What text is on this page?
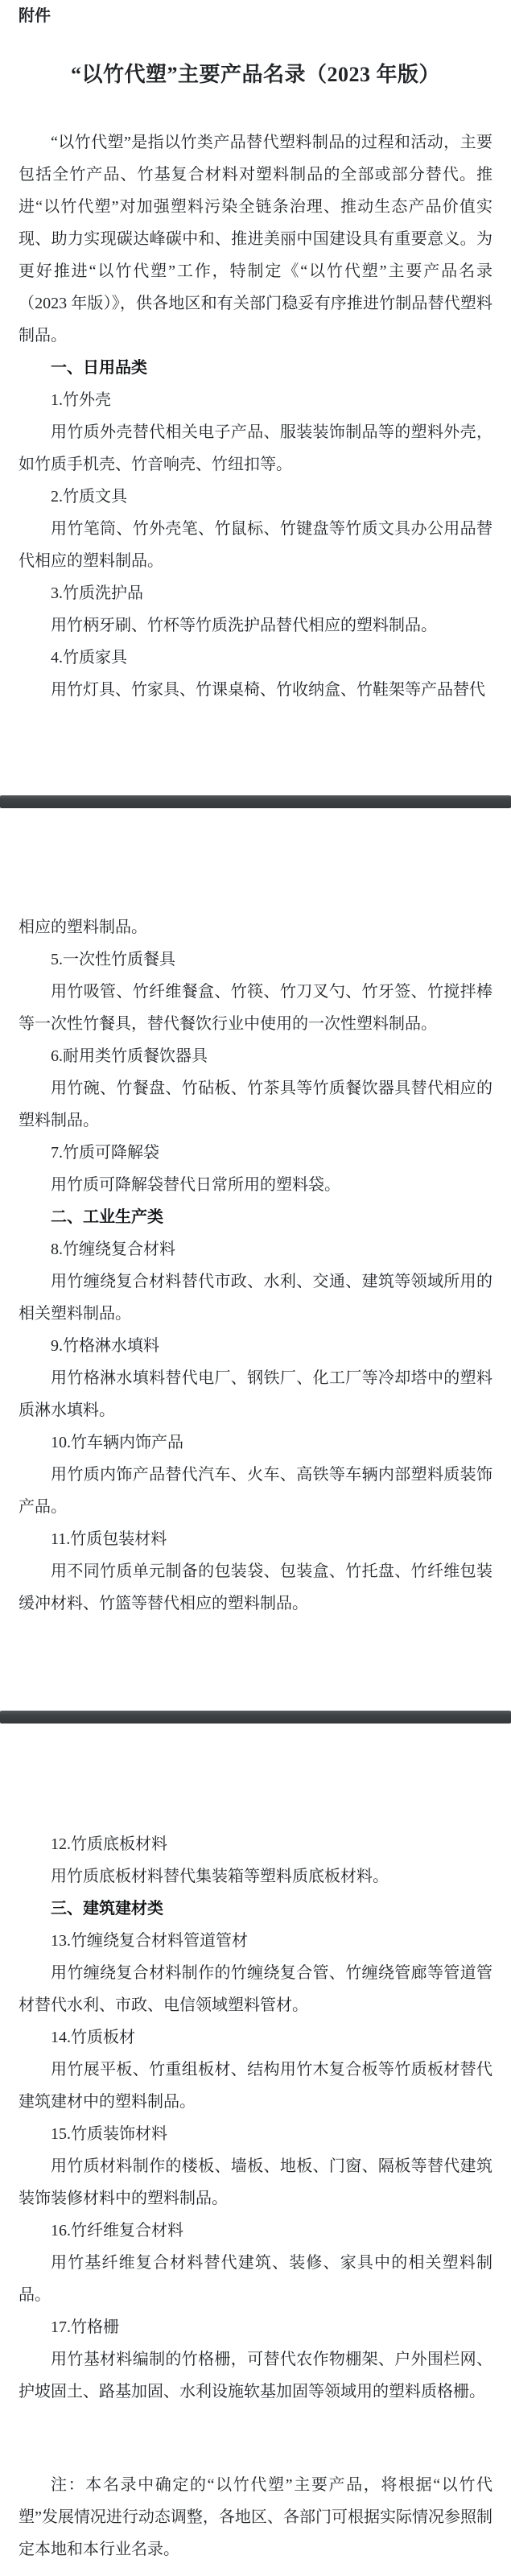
附件
“以竹代塑”主要产品名录（2023 年版）
“以竹代塑”是指以竹类产品替代塑料制品的过程和活动，主要包括全竹产品、竹基复合材料对塑料制品的全部或部分替代。推进“以竹代塑”对加强塑料污染全链条治理、推动生态产品价值实现、助力实现碳达峰碳中和、推进美丽中国建设具有重要意义。为更好推进“以竹代塑”工作，特制定《“以竹代塑”主要产品名录（2023 年版）》，供各地区和有关部门稳妥有序推进竹制品替代塑料制品。
一、日用品类
1.竹外壳
用竹质外壳替代相关电子产品、服装装饰制品等的塑料外壳，如竹质手机壳、竹音响壳、竹纽扣等。
2.竹质文具
用竹笔筒、竹外壳笔、竹鼠标、竹键盘等竹质文具办公用品替代相应的塑料制品。
3.竹质洗护品
用竹柄牙刷、竹杯等竹质洗护品替代相应的塑料制品。
4.竹质家具
用竹灯具、竹家具、竹课桌椅、竹收纳盒、竹鞋架等产品替代
相应的塑料制品。
5.一次性竹质餐具
用竹吸管、竹纤维餐盒、竹筷、竹刀叉勺、竹牙签、竹搅拌棒等一次性竹餐具，替代餐饮行业中使用的一次性塑料制品。
6.耐用类竹质餐饮器具
用竹碗、竹餐盘、竹砧板、竹茶具等竹质餐饮器具替代相应的塑料制品。
7.竹质可降解袋
用竹质可降解袋替代日常所用的塑料袋。
二、工业生产类
8.竹缠绕复合材料
用竹缠绕复合材料替代市政、水利、交通、建筑等领域所用的相关塑料制品。
9.竹格淋水填料
用竹格淋水填料替代电厂、钢铁厂、化工厂等冷却塔中的塑料质淋水填料。
10.竹车辆内饰产品
用竹质内饰产品替代汽车、火车、高铁等车辆内部塑料质装饰产品。
11.竹质包装材料
用不同竹质单元制备的包装袋、包装盒、竹托盘、竹纤维包装缓冲材料、竹篮等替代相应的塑料制品。
12.竹质底板材料
用竹质底板材料替代集装箱等塑料质底板材料。
三、建筑建材类
13.竹缠绕复合材料管道管材
用竹缠绕复合材料制作的竹缠绕复合管、竹缠绕管廊等管道管材替代水利、市政、电信领域塑料管材。
14.竹质板材
用竹展平板、竹重组板材、结构用竹木复合板等竹质板材替代建筑建材中的塑料制品。
15.竹质装饰材料
用竹质材料制作的楼板、墙板、地板、门窗、隔板等替代建筑装饰装修材料中的塑料制品。
16.竹纤维复合材料
用竹基纤维复合材料替代建筑、装修、家具中的相关塑料制品。
17.竹格栅
用竹基材料编制的竹格栅，可替代农作物棚架、户外围栏网、护坡固土、路基加固、水利设施软基加固等领域用的塑料质格栅。
注：本名录中确定的“以竹代塑”主要产品，将根据“以竹代塑”发展情况进行动态调整，各地区、各部门可根据实际情况参照制定本地和本行业名录。
